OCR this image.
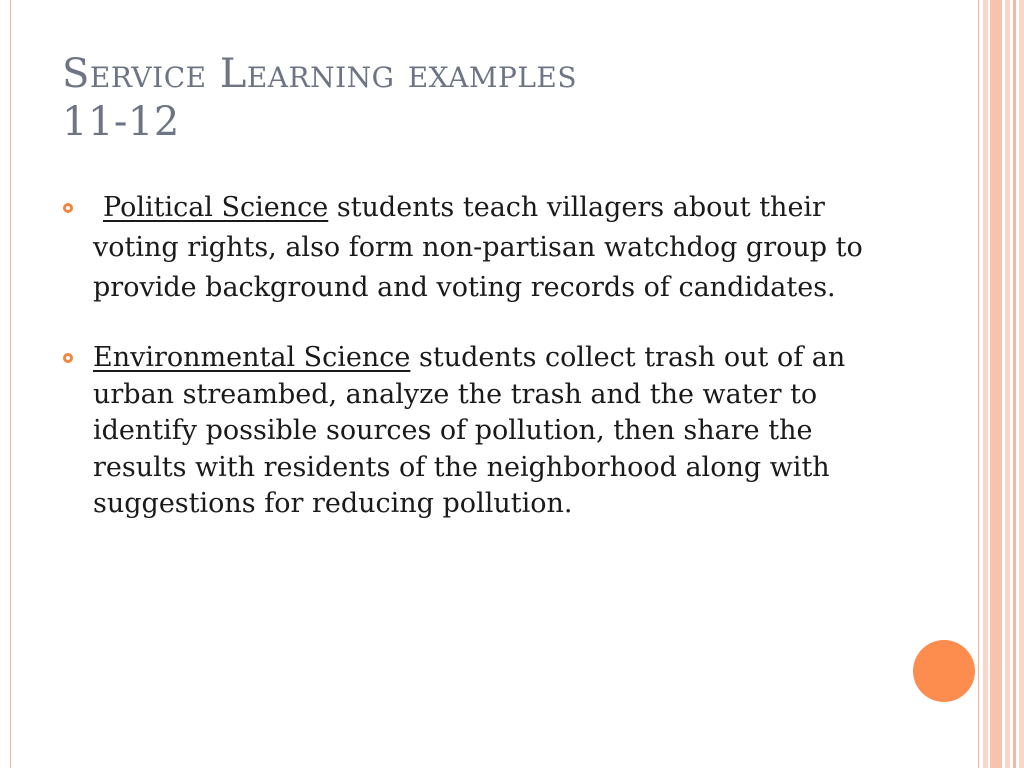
Service Learning examples
11-12
Political Science students teach villagers about their voting rights, also form non-partisan watchdog group to provide background and voting records of candidates.
Environmental Science students collect trash out of an urban streambed, analyze the trash and the water to identify possible sources of pollution, then share the results with residents of the neighborhood along with suggestions for reducing pollution.
